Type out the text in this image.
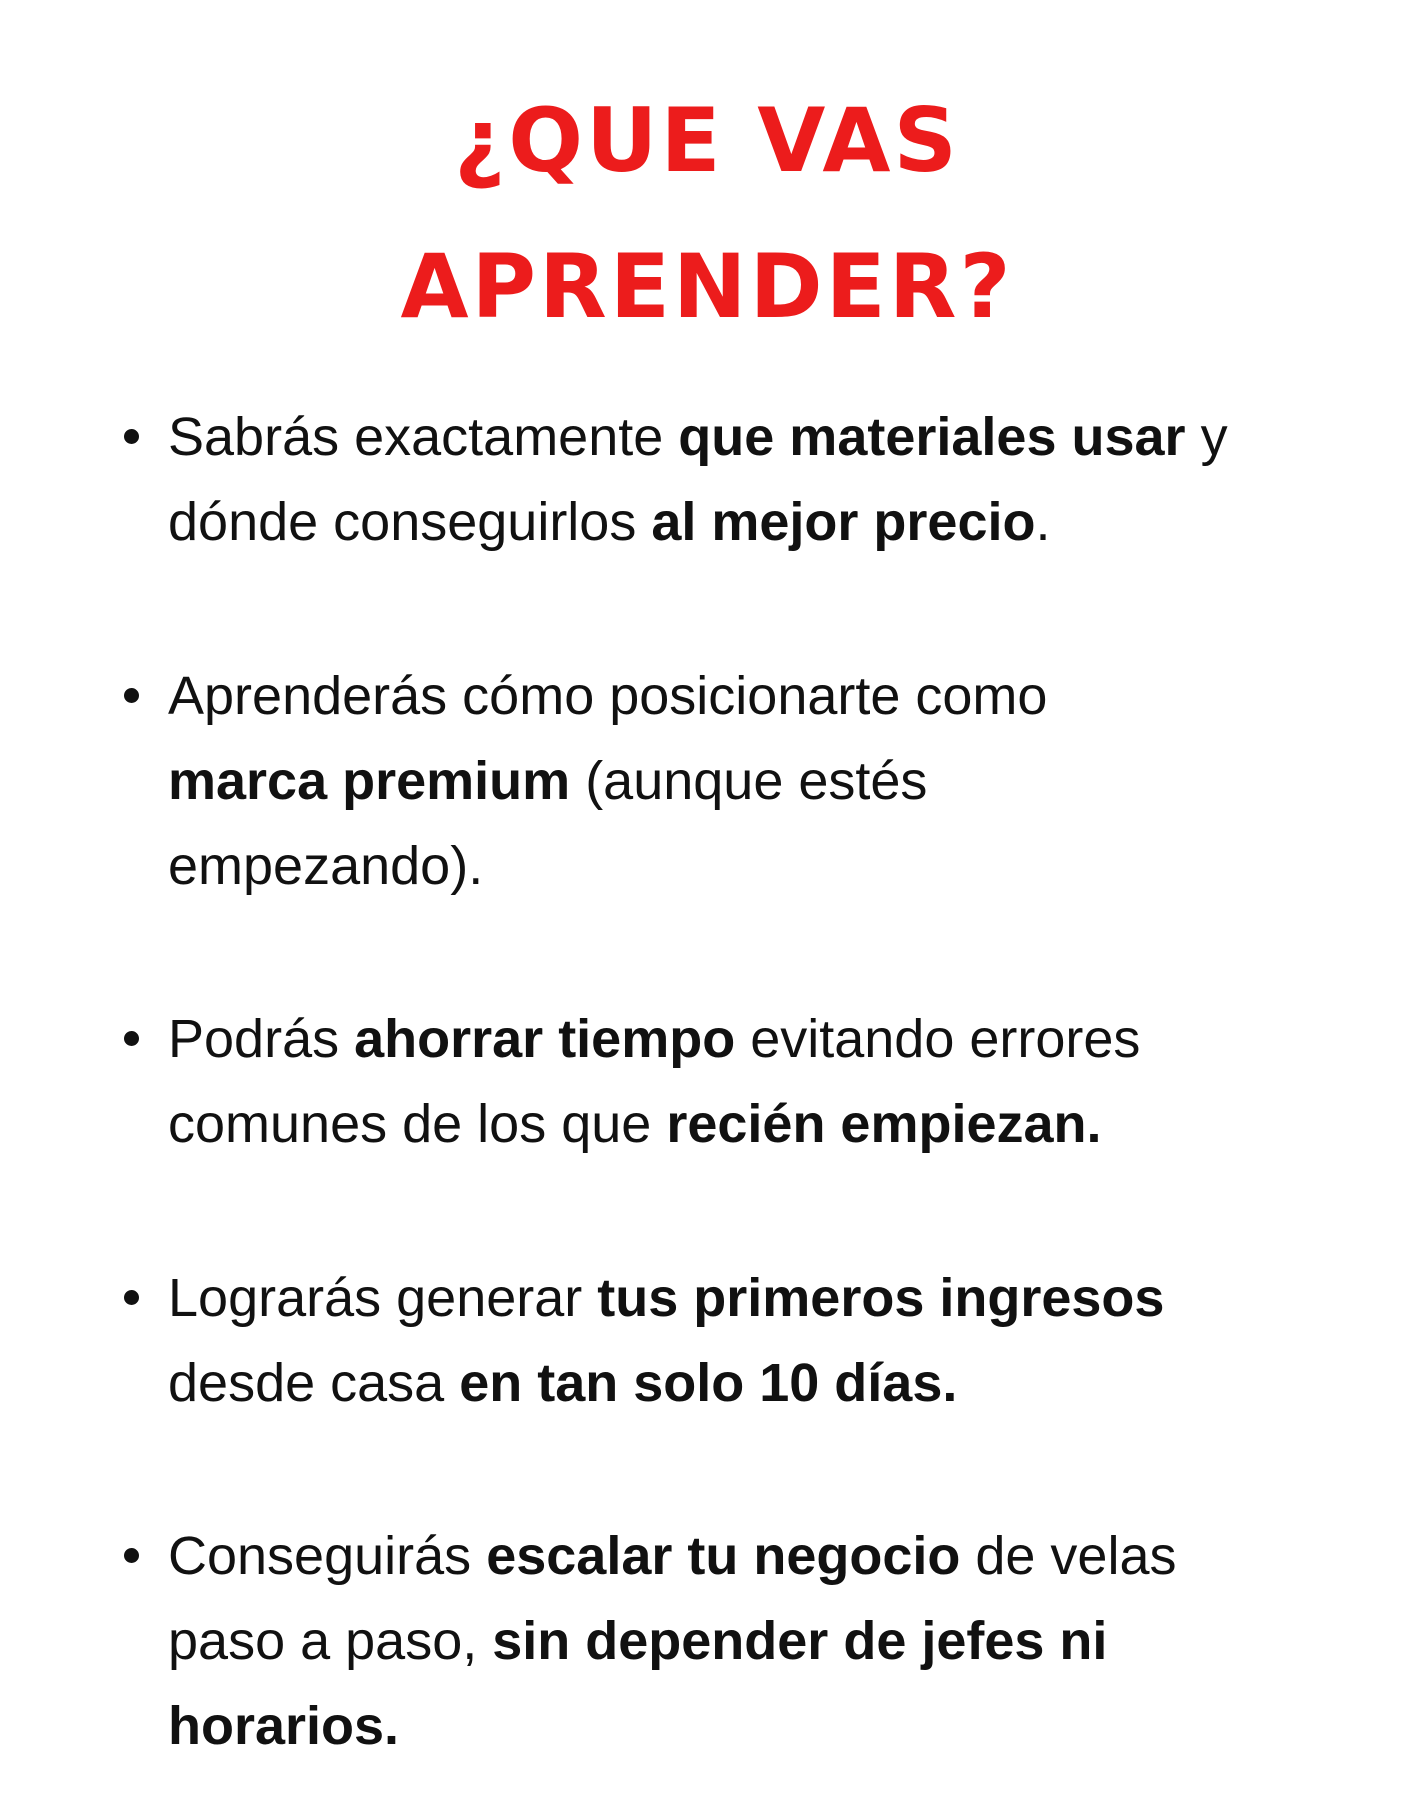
¿QUE VAS
APRENDER?
Sabrás exactamente que materiales usar y
dónde conseguirlos al mejor precio.
Aprenderás cómo posicionarte como
marca premium (aunque estés
empezando).
Podrás ahorrar tiempo evitando errores
comunes de los que recién empiezan.
Lograrás generar tus primeros ingresos
desde casa en tan solo 10 días.
Conseguirás escalar tu negocio de velas
paso a paso, sin depender de jefes ni
horarios.
